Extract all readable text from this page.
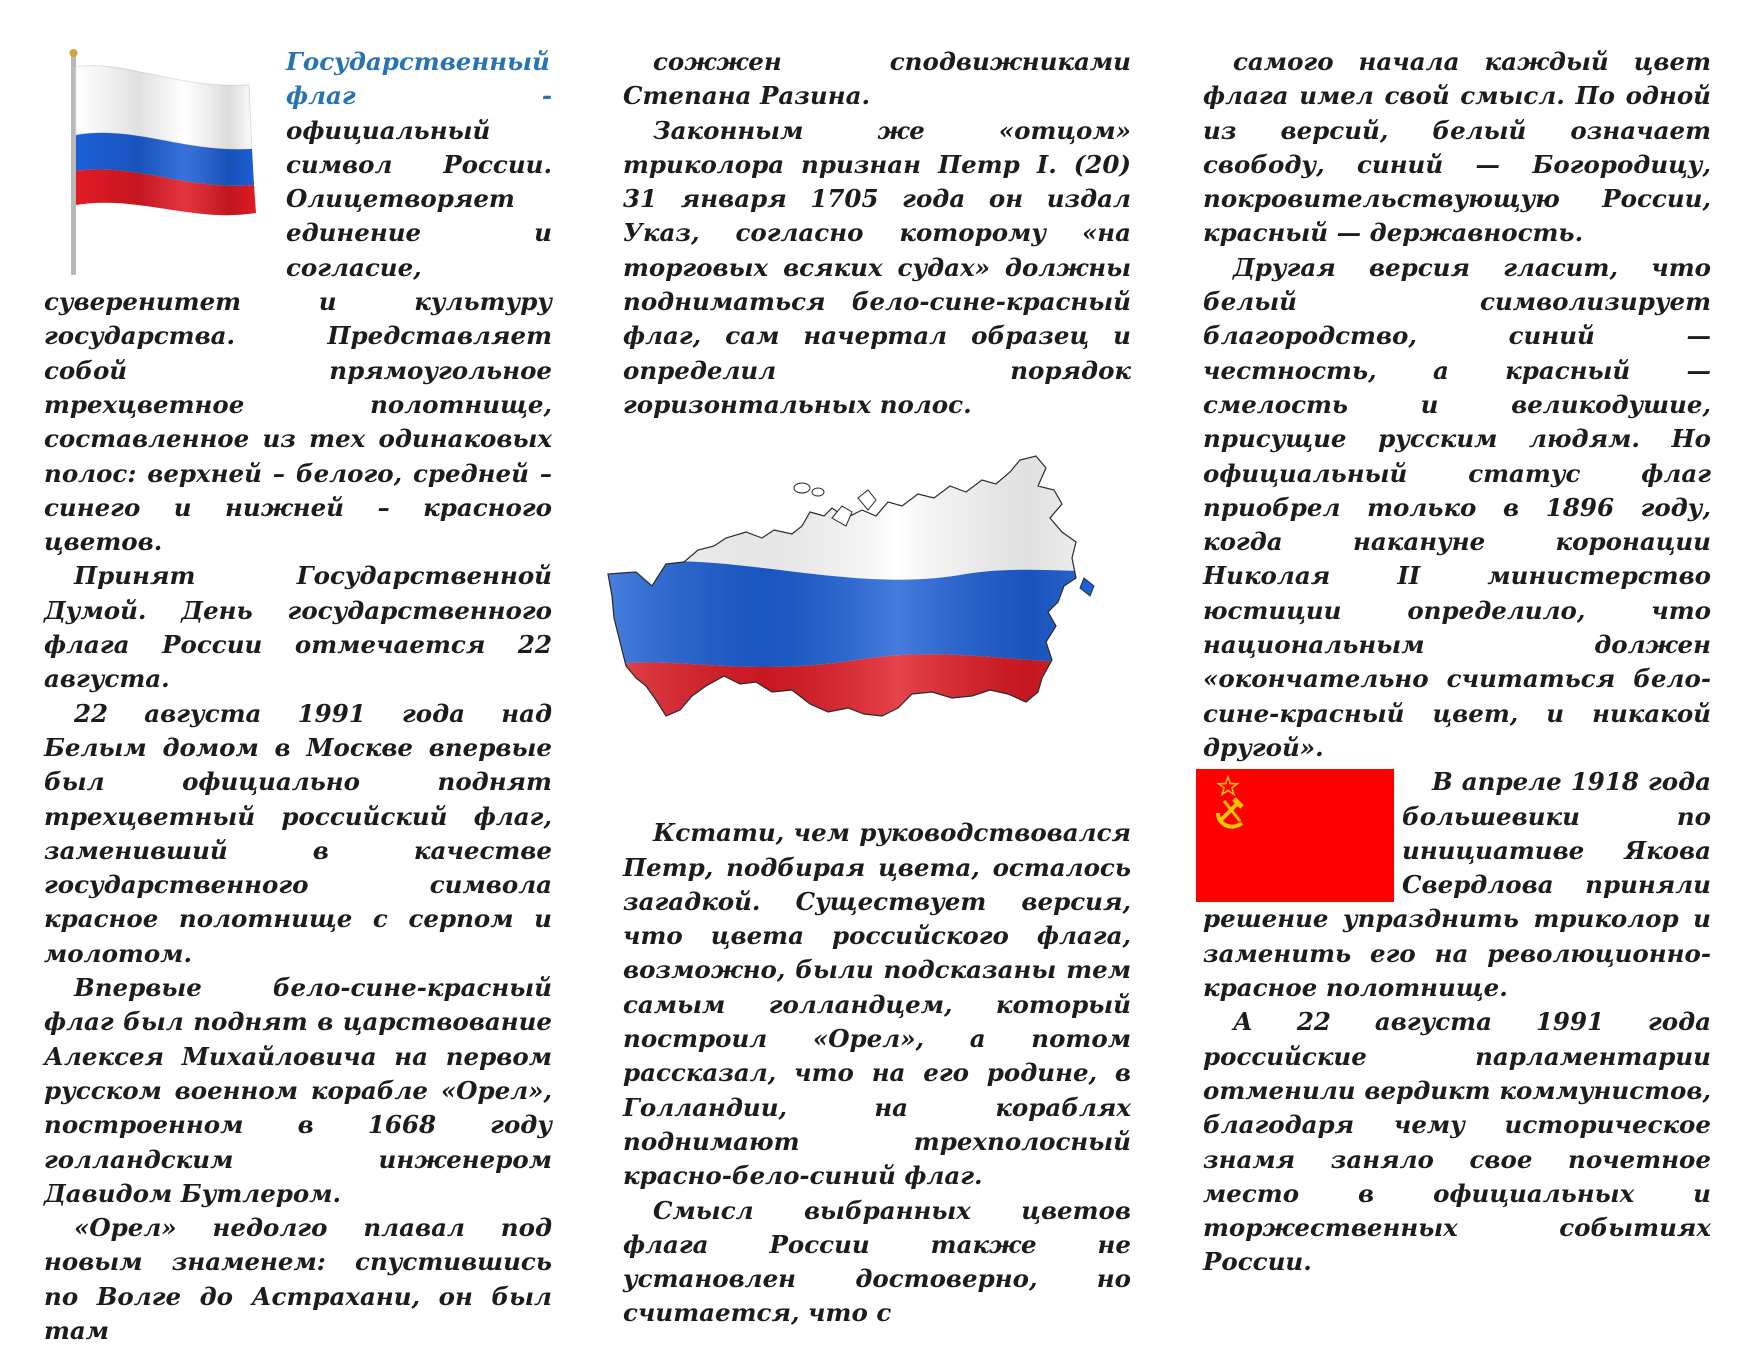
Государственный флаг - официальный символ России. Олицетворяет единение и согласие, суверенитет и культуру государства. Представляет собой прямоугольное трехцветное полотнище, составленное из тех одинаковых полос: верхней – белого, средней – синего и нижней – красного цветов.

Принят Государственной Думой. День государственного флага России отмечается 22 августа.

22 августа 1991 года над Белым домом в Москве впервые был официально поднят трехцветный российский флаг, заменивший в качестве государственного символа красное полотнище с серпом и молотом.

Впервые бело-сине-красный флаг был поднят в царствование Алексея Михайловича на первом русском военном корабле «Орел», построенном в 1668 году голландским инженером Давидом Бутлером.

«Орел» недолго плавал под новым знаменем: спустившись по Волге до Астрахани, он был там

сожжен сподвижниками Степана Разина.

Законным же «отцом» триколора признан Петр I. (20) 31 января 1705 года он издал Указ, согласно которому «на торговых всяких судах» должны подниматься бело-сине-красный флаг, сам начертал образец и определил порядок горизонтальных полос.

Кстати, чем руководствовался Петр, подбирая цвета, осталось загадкой. Существует версия, что цвета российского флага, возможно, были подсказаны тем самым голландцем, который построил «Орел», а потом рассказал, что на его родине, в Голландии, на кораблях поднимают трехполосный красно-бело-синий флаг.

Смысл выбранных цветов флага России также не установлен достоверно, но считается, что с

самого начала каждый цвет флага имел свой смысл. По одной из версий, белый означает свободу, синий — Богородицу, покровительствующую России, красный — державность.

Другая версия гласит, что белый символизирует благородство, синий — честность, а красный — смелость и великодушие, присущие русским людям. Но официальный статус флаг приобрел только в 1896 году, когда накануне коронации Николая II министерство юстиции определило, что национальным должен «окончательно считаться бело-сине-красный цвет, и никакой другой».

В апреле 1918 года большевики по инициативе Якова Свердлова приняли решение упразднить триколор и заменить его на революционно-красное полотнище.

А 22 августа 1991 года российские парламентарии отменили вердикт коммунистов, благодаря чему историческое знамя заняло свое почетное место в официальных и торжественных событиях России.
